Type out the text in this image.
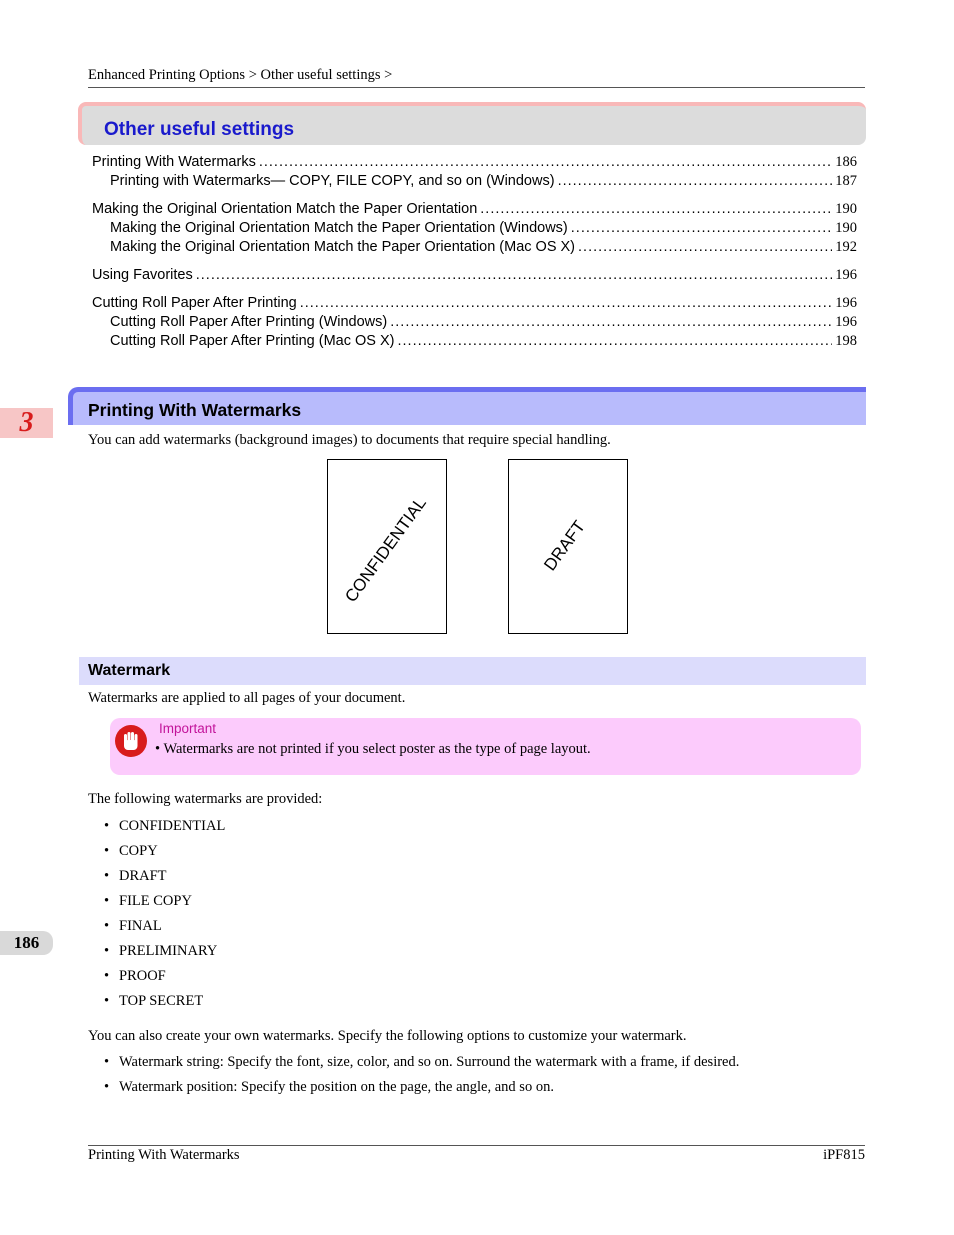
Enhanced Printing Options > Other useful settings >
Other useful settings
Printing With Watermarks .....	186
Printing with Watermarks— COPY, FILE COPY, and so on (Windows) .....	187
Making the Original Orientation Match the Paper Orientation .....	190
Making the Original Orientation Match the Paper Orientation (Windows) .....	190
Making the Original Orientation Match the Paper Orientation (Mac OS X) .....	192
Using Favorites .....	196
Cutting Roll Paper After Printing .....	196
Cutting Roll Paper After Printing (Windows) .....	196
Cutting Roll Paper After Printing (Mac OS X) .....	198
3
186
Printing With Watermarks
You can add watermarks (background images) to documents that require special handling.
CONFIDENTIAL	DRAFT
Watermark
Watermarks are applied to all pages of your document.
Important
• Watermarks are not printed if you select poster as the type of page layout.
The following watermarks are provided:
• CONFIDENTIAL
• COPY
• DRAFT
• FILE COPY
• FINAL
• PRELIMINARY
• PROOF
• TOP SECRET
You can also create your own watermarks. Specify the following options to customize your watermark.
• Watermark string: Specify the font, size, color, and so on. Surround the watermark with a frame, if desired.
• Watermark position: Specify the position on the page, the angle, and so on.
Printing With Watermarks	iPF815
